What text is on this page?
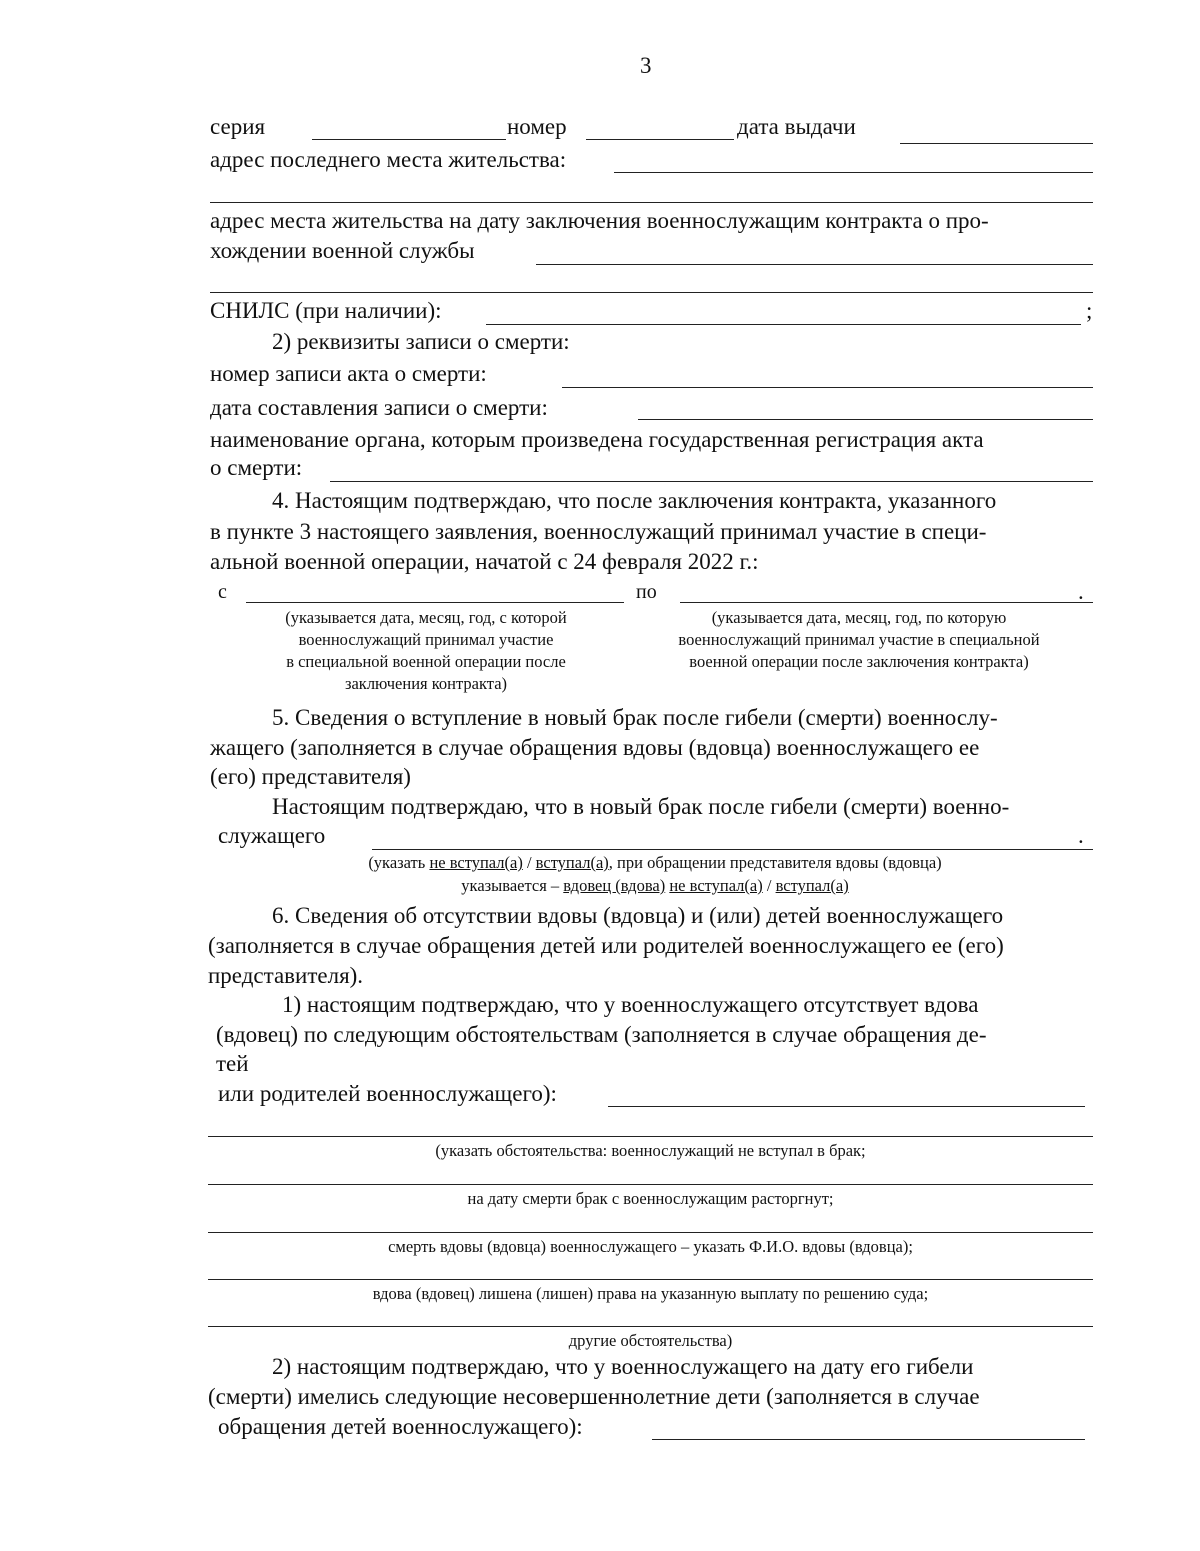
3
серия	номер	дата выдачи
адрес последнего места жительства:
адрес места жительства на дату заключения военнослужащим контракта о про-
хождении военной службы
СНИЛС (при наличии):	;
2) реквизиты записи о смерти:
номер записи акта о смерти:
дата составления записи о смерти:
наименование органа, которым произведена государственная регистрация акта
о смерти:
4. Настоящим подтверждаю, что после заключения контракта, указанного
в пункте 3 настоящего заявления, военнослужащий принимал участие в специ-
альной военной операции, начатой с 24 февраля 2022 г.:
с	по	.
(указывается дата, месяц, год, с которой
военнослужащий принимал участие
в специальной военной операции после
заключения контракта)
(указывается дата, месяц, год, по которую
военнослужащий принимал участие в специальной
военной операции после заключения контракта)
5. Сведения о вступление в новый брак после гибели (смерти) военнослу-
жащего (заполняется в случае обращения вдовы (вдовца) военнослужащего ее
(его) представителя)
Настоящим подтверждаю, что в новый брак после гибели (смерти) военно-
служащего	.
(указать не вступал(а) / вступал(а), при обращении представителя вдовы (вдовца)
указывается – вдовец (вдова) не вступал(а) / вступал(а)
6. Сведения об отсутствии вдовы (вдовца) и (или) детей военнослужащего
(заполняется в случае обращения детей или родителей военнослужащего ее (его)
представителя).
1) настоящим подтверждаю, что у военнослужащего отсутствует вдова
(вдовец) по следующим обстоятельствам (заполняется в случае обращения де-
тей
или родителей военнослужащего):
(указать обстоятельства: военнослужащий не вступал в брак;
на дату смерти брак с военнослужащим расторгнут;
смерть вдовы (вдовца) военнослужащего – указать Ф.И.О. вдовы (вдовца);
вдова (вдовец) лишена (лишен) права на указанную выплату по решению суда;
другие обстоятельства)
2) настоящим подтверждаю, что у военнослужащего на дату его гибели
(смерти) имелись следующие несовершеннолетние дети (заполняется в случае
обращения детей военнослужащего):
